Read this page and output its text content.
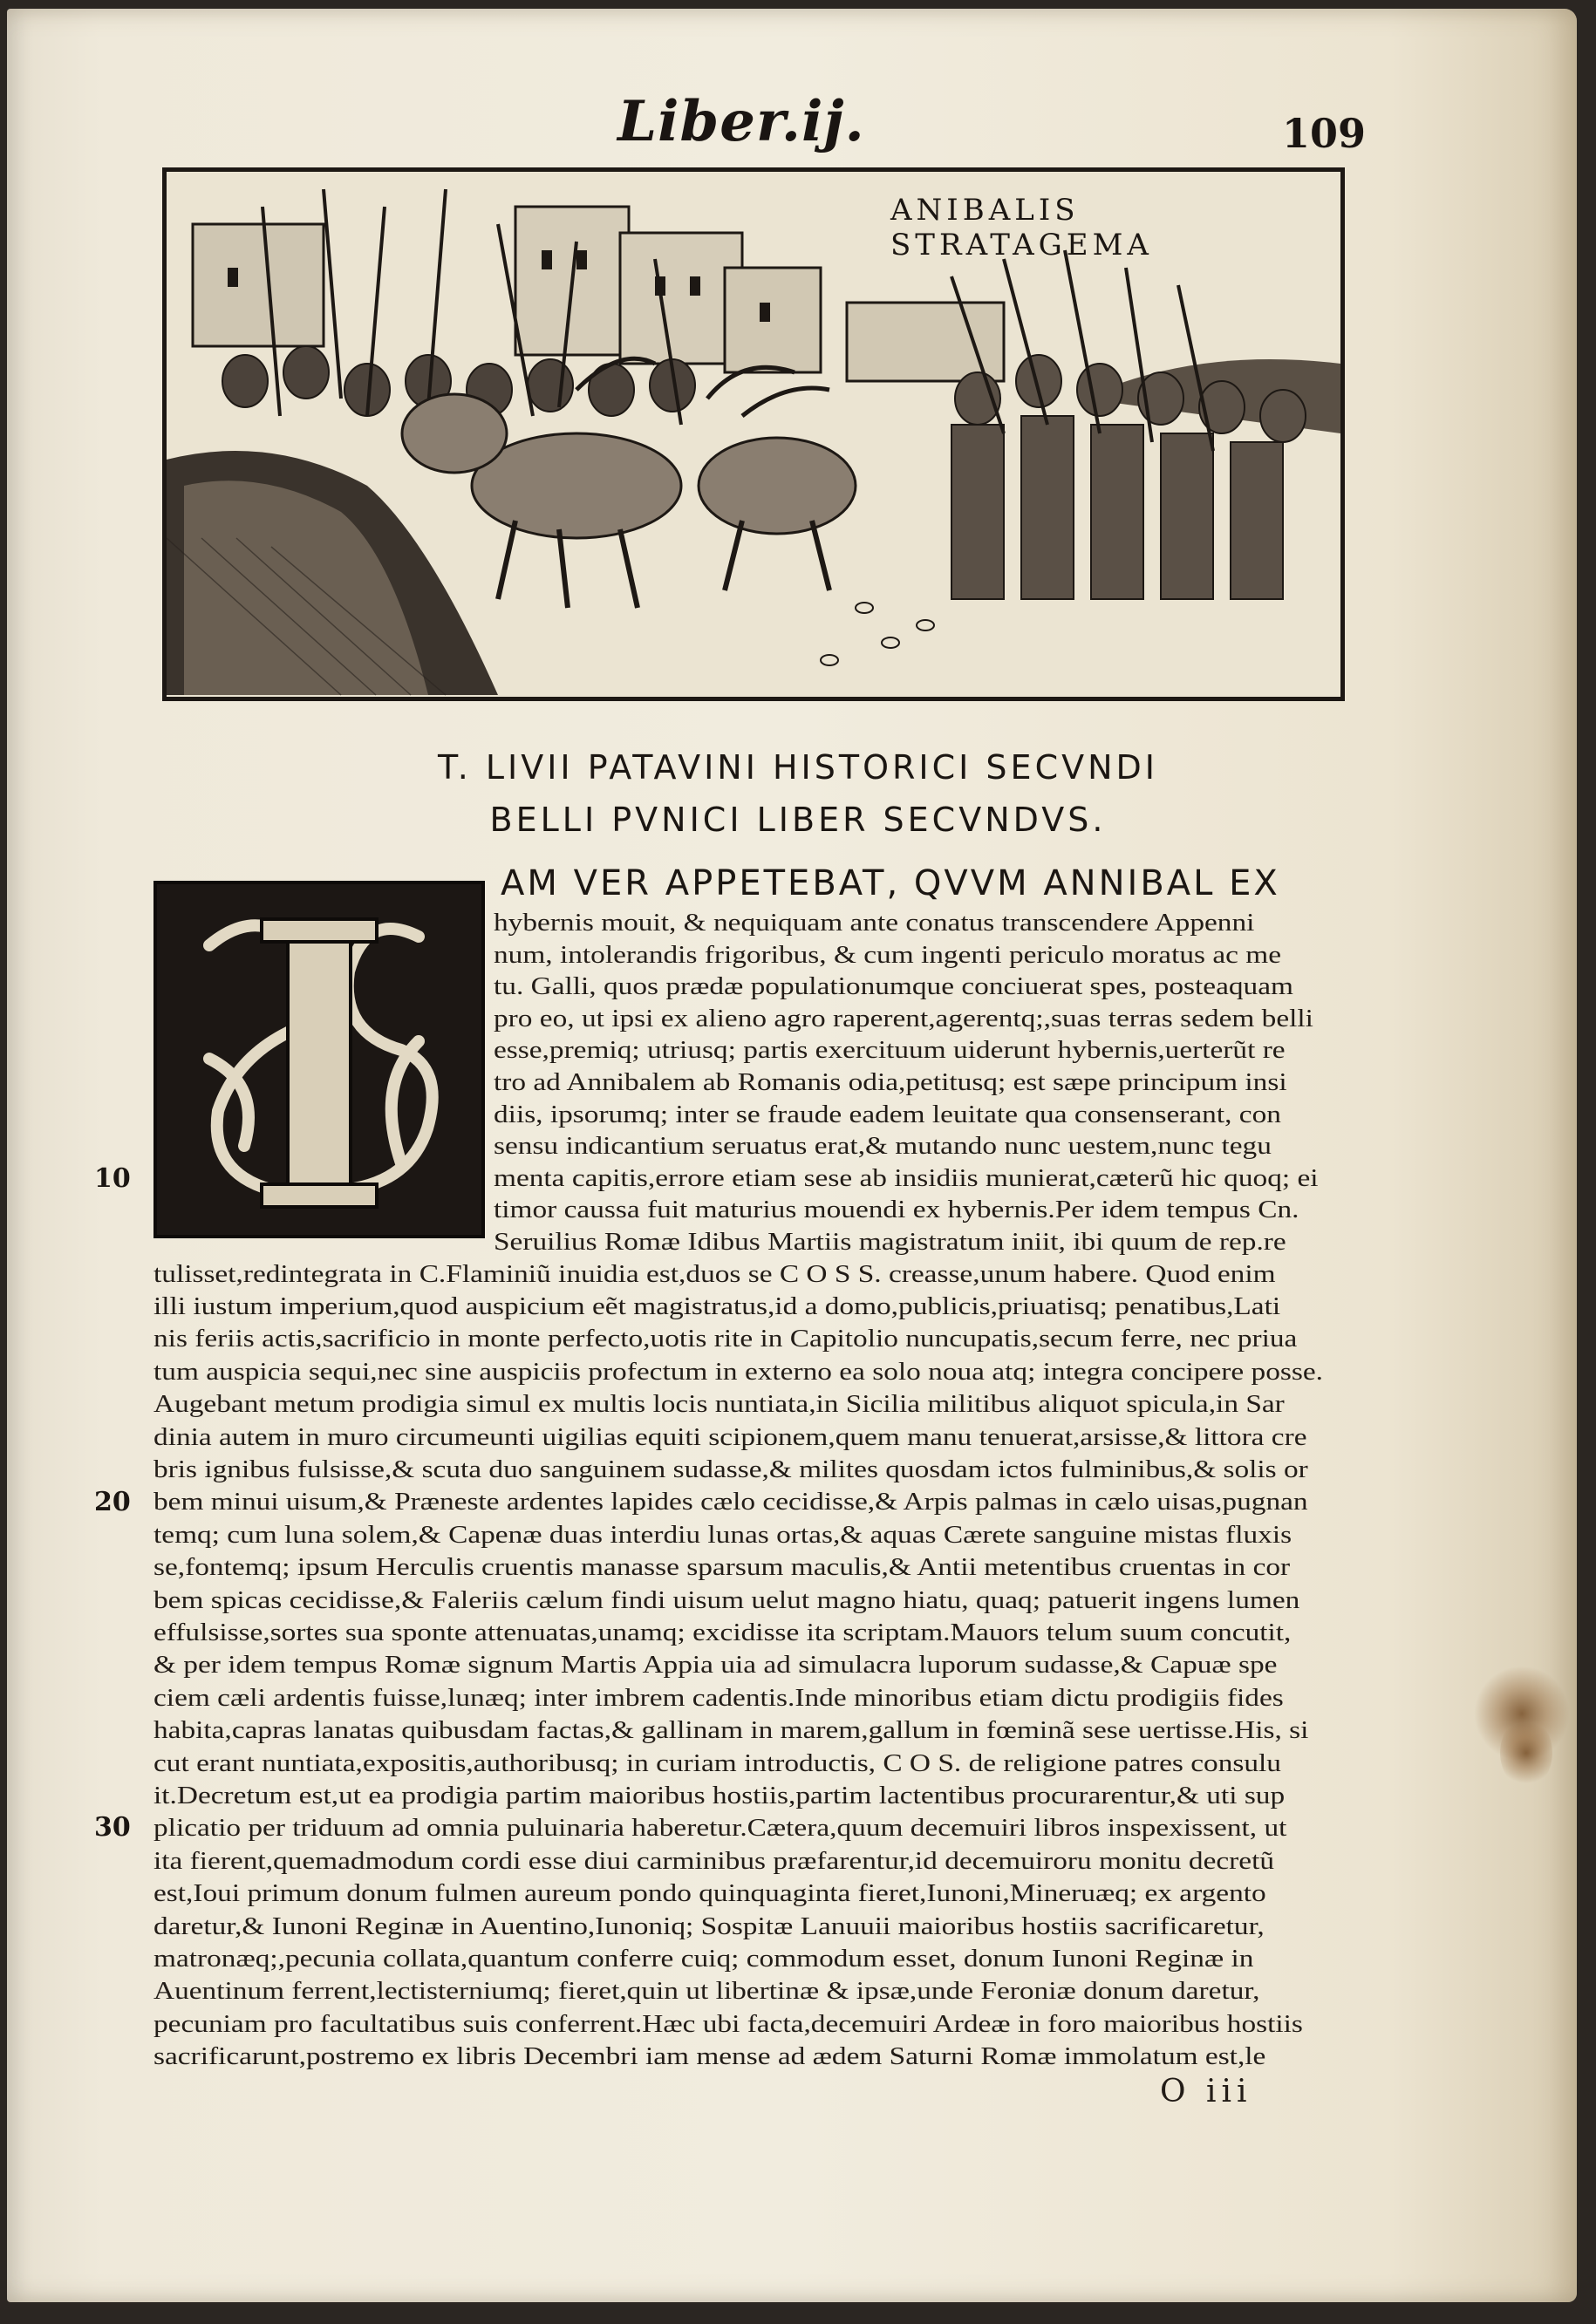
Liber.ij.	109
ANIBALIS STRATAGEMA
T. LIVII PATAVINI HISTORICI SECVNDI
BELLI PVNICI LIBER SECVNDVS.
AM VER APPETEBAT, QVVM ANNIBAL EX
hybernis mouit, & nequiquam ante conatus transcendere Appenni
num, intolerandis frigoribus, & cum ingenti periculo moratus ac me
tu. Galli, quos prædæ populationumque conciuerat spes, posteaquam
pro eo, ut ipsi ex alieno agro raperent,agerentq;,suas terras sedem belli
esse,premiq; utriusq; partis exercituum uiderunt hybernis,uerterũt re
tro ad Annibalem ab Romanis odia,petitusq; est sæpe principum insi
diis, ipsorumq; inter se fraude eadem leuitate qua consenserant, con
sensu indicantium seruatus erat,& mutando nunc uestem,nunc tegu
menta capitis,errore etiam sese ab insidiis munierat,cæterũ hic quoq; ei
timor caussa fuit maturius mouendi ex hybernis.Per idem tempus Cn.
Seruilius Romæ Idibus Martiis magistratum iniit, ibi quum de rep.re
tulisset,redintegrata in C.Flaminiũ inuidia est,duos se C O S S. creasse,unum habere. Quod enim
illi iustum imperium,quod auspicium eẽt magistratus,id a domo,publicis,priuatisq; penatibus,Lati
nis feriis actis,sacrificio in monte perfecto,uotis rite in Capitolio nuncupatis,secum ferre, nec priua
tum auspicia sequi,nec sine auspiciis profectum in externo ea solo noua atq; integra concipere posse.
Augebant metum prodigia simul ex multis locis nuntiata,in Sicilia militibus aliquot spicula,in Sar
dinia autem in muro circumeunti uigilias equiti scipionem,quem manu tenuerat,arsisse,& littora cre
bris ignibus fulsisse,& scuta duo sanguinem sudasse,& milites quosdam ictos fulminibus,& solis or
bem minui uisum,& Præneste ardentes lapides cælo cecidisse,& Arpis palmas in cælo uisas,pugnan
temq; cum luna solem,& Capenæ duas interdiu lunas ortas,& aquas Cærete sanguine mistas fluxis
se,fontemq; ipsum Herculis cruentis manasse sparsum maculis,& Antii metentibus cruentas in cor
bem spicas cecidisse,& Faleriis cælum findi uisum uelut magno hiatu, quaq; patuerit ingens lumen
effulsisse,sortes sua sponte attenuatas,unamq; excidisse ita scriptam.Mauors telum suum concutit,
& per idem tempus Romæ signum Martis Appia uia ad simulacra luporum sudasse,& Capuæ spe
ciem cæli ardentis fuisse,lunæq; inter imbrem cadentis.Inde minoribus etiam dictu prodigiis fides
habita,capras lanatas quibusdam factas,& gallinam in marem,gallum in fœminã sese uertisse.His, si
cut erant nuntiata,expositis,authoribusq; in curiam introductis, C O S. de religione patres consulu
it.Decretum est,ut ea prodigia partim maioribus hostiis,partim lactentibus procurarentur,& uti sup
plicatio per triduum ad omnia puluinaria haberetur.Cætera,quum decemuiri libros inspexissent, ut
ita fierent,quemadmodum cordi esse diui carminibus præfarentur,id decemuiroru monitu decretũ
est,Ioui primum donum fulmen aureum pondo quinquaginta fieret,Iunoni,Mineruæq; ex argento
daretur,& Iunoni Reginæ in Auentino,Iunoniq; Sospitæ Lanuuii maioribus hostiis sacrificaretur,
matronæq;,pecunia collata,quantum conferre cuiq; commodum esset, donum Iunoni Reginæ in
Auentinum ferrent,lectisterniumq; fieret,quin ut libertinæ & ipsæ,unde Feroniæ donum daretur,
pecuniam pro facultatibus suis conferrent.Hæc ubi facta,decemuiri Ardeæ in foro maioribus hostiis
sacrificarunt,postremo ex libris Decembri iam mense ad ædem Saturni Romæ immolatum est,le
10
20
30
O iii
